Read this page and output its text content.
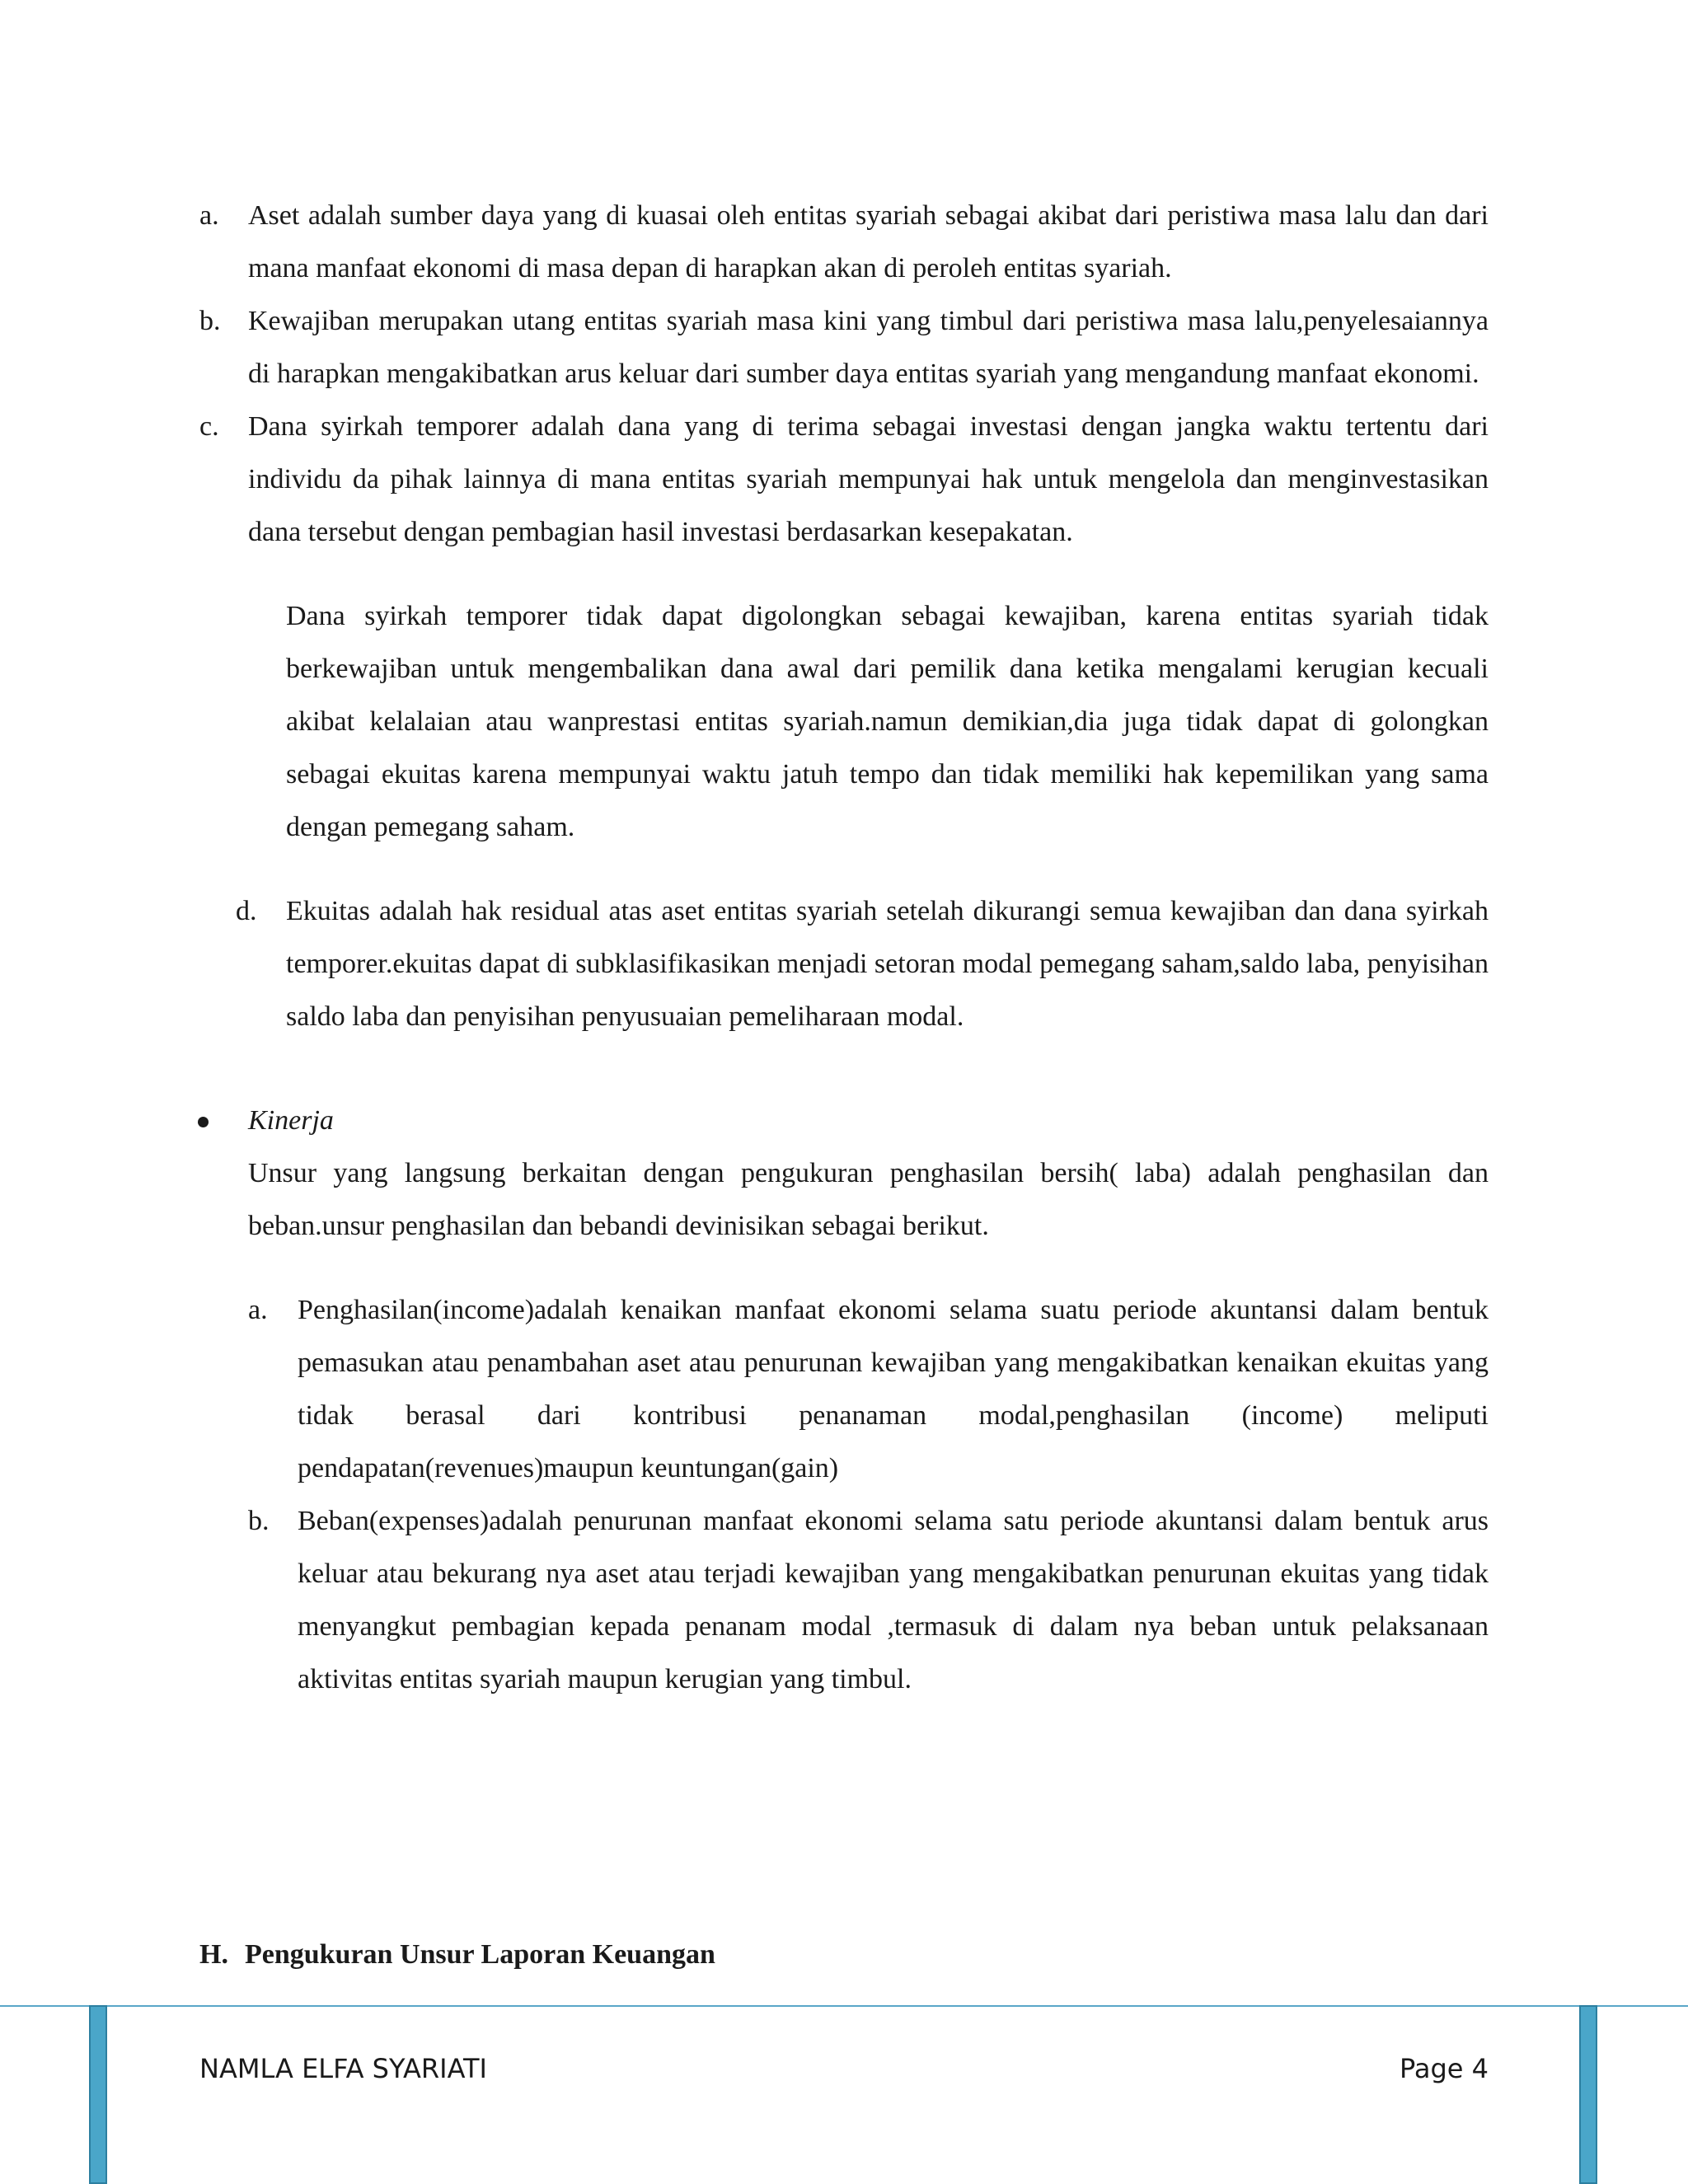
a. Aset adalah sumber daya yang di kuasai oleh entitas syariah sebagai akibat dari peristiwa masa lalu dan dari mana manfaat ekonomi di masa depan di harapkan akan di peroleh entitas syariah.
b. Kewajiban merupakan utang entitas syariah masa kini yang timbul dari peristiwa masa lalu,penyelesaiannya di harapkan mengakibatkan arus keluar dari sumber daya entitas syariah yang mengandung manfaat ekonomi.
c. Dana syirkah temporer adalah dana yang di terima sebagai investasi dengan jangka waktu tertentu dari individu da pihak lainnya di mana entitas syariah mempunyai hak untuk mengelola dan menginvestasikan dana tersebut dengan pembagian hasil investasi berdasarkan kesepakatan.
Dana syirkah temporer tidak dapat digolongkan sebagai kewajiban, karena entitas syariah tidak berkewajiban untuk mengembalikan dana awal dari pemilik dana ketika mengalami kerugian kecuali akibat kelalaian atau wanprestasi entitas syariah.namun demikian,dia juga tidak dapat di golongkan sebagai ekuitas karena mempunyai waktu jatuh tempo dan tidak memiliki hak kepemilikan yang sama dengan pemegang saham.
d. Ekuitas adalah hak residual atas aset entitas syariah setelah dikurangi semua kewajiban dan dana syirkah temporer.ekuitas dapat di subklasifikasikan menjadi setoran modal pemegang saham,saldo laba, penyisihan saldo laba dan penyisihan penyusuaian pemeliharaan modal.
Kinerja
Unsur yang langsung berkaitan dengan pengukuran penghasilan bersih( laba) adalah penghasilan dan beban.unsur penghasilan dan bebandi devinisikan sebagai berikut.
a. Penghasilan(income)adalah kenaikan manfaat ekonomi selama suatu periode akuntansi dalam bentuk pemasukan atau penambahan aset atau penurunan kewajiban yang mengakibatkan kenaikan ekuitas yang tidak berasal dari kontribusi penanaman modal,penghasilan (income) meliputi pendapatan(revenues)maupun keuntungan(gain)
b. Beban(expenses)adalah penurunan manfaat ekonomi selama satu periode akuntansi dalam bentuk arus keluar atau bekurang nya aset atau terjadi kewajiban yang mengakibatkan penurunan ekuitas yang tidak menyangkut pembagian kepada penanam modal ,termasuk di dalam nya beban untuk pelaksanaan aktivitas entitas syariah maupun kerugian yang timbul.
H. Pengukuran Unsur Laporan Keuangan
NAMLA ELFA SYARIATI	Page 4
